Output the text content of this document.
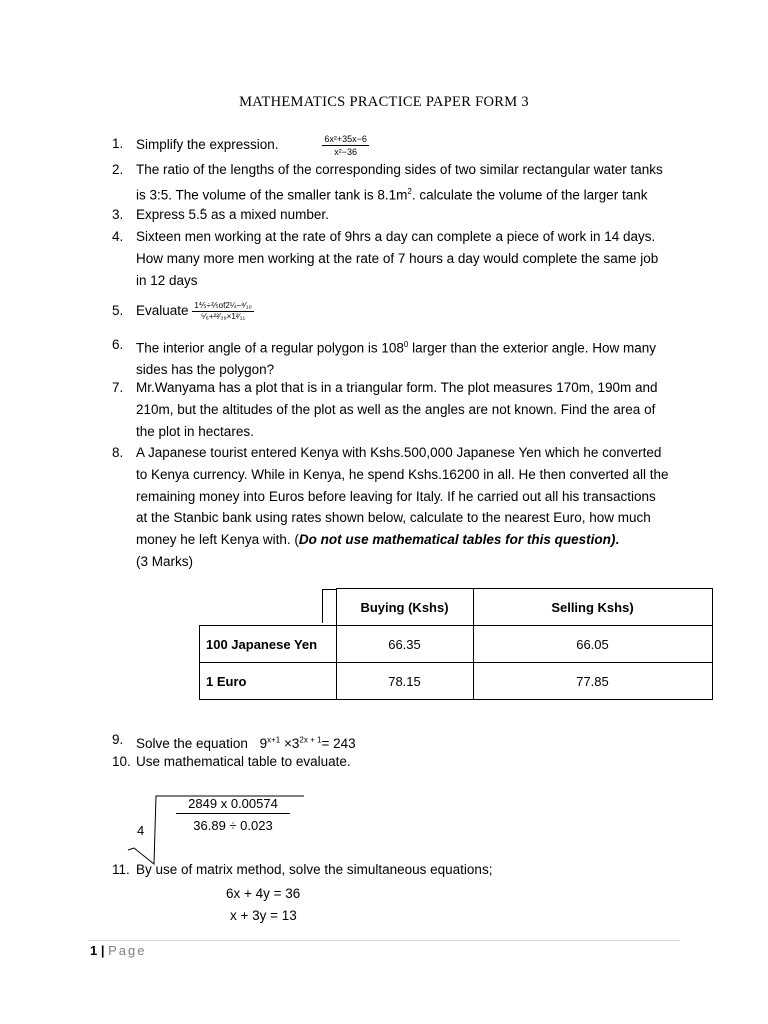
MATHEMATICS PRACTICE PAPER FORM 3
1. Simplify the expression.	$\frac{\text{6x²+35x−6}}{\text{x²−36}}$
2. The ratio of the lengths of the corresponding sides of two similar rectangular water tanks
is 3:5. The volume of the smaller tank is $8.1m^2$. calculate the volume of the larger tank
3. Express 5.5 · as a mixed number.
4. Sixteen men working at the rate of 9hrs a day can complete a piece of work in 14 days.
How many more men working at the rate of 7 hours a day would complete the same job
in 12 days
5. Evaluate $\frac{\text{1⅘÷⅖of2¼−⁸⁄₁₀}}{\text{⁵⁄₆+²²⁄₃₉×1²⁄₁₁}}$
6. The interior angle of a regular polygon is $108^0$ larger than the exterior angle. How many
sides has the polygon?
7. Mr.Wanyama has a plot that is in a triangular form. The plot measures 170m, 190m and
210m, but the altitudes of the plot as well as the angles are not known. Find the area of
the plot in hectares.
8. A Japanese tourist entered Kenya with Kshs.500,000 Japanese Yen which he converted
to Kenya currency. While in Kenya, he spend Kshs.16200 in all. He then converted all the
remaining money into Euros before leaving for Italy. If he carried out all his transactions
at the Stanbic bank using rates shown below, calculate to the nearest Euro, how much
money he left Kenya with. (Do not use mathematical tables for this question).
(3 Marks)
	Buying (Kshs)	Selling Kshs)
100 Japanese Yen	66.35	66.05
1 Euro	78.15	77.85
9. Solve the equation $9^{x+1} \times 3^{2x + 1}= 243$
10. Use mathematical table to evaluate.
4
2849 x 0.00574
36.89 ÷ 0.023
11. By use of matrix method, solve the simultaneous equations;
6x + 4y = 36
x + 3y = 13
1 | Page
